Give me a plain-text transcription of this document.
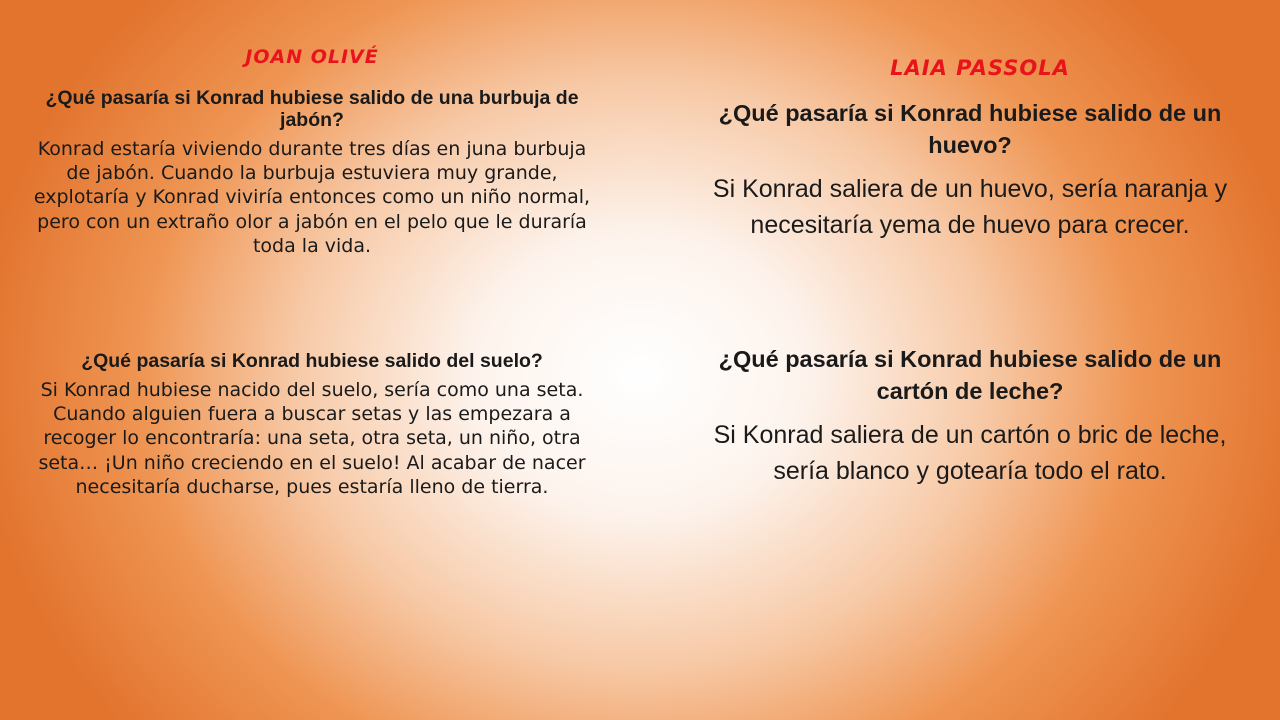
JOAN OLIVÉ

¿Qué pasaría si Konrad hubiese salido de una burbuja de jabón?

Konrad estaría viviendo durante tres días en juna burbuja de jabón. Cuando la burbuja estuviera muy grande, explotaría y Konrad viviría entonces como un niño normal, pero con un extraño olor a jabón en el pelo que le duraría toda la vida.

¿Qué pasaría si Konrad hubiese salido del suelo?

Si Konrad hubiese nacido del suelo, sería como una seta. Cuando alguien fuera a buscar setas y las empezara a recoger lo encontraría: una seta, otra seta, un niño, otra seta… ¡Un niño creciendo en el suelo! Al acabar de nacer necesitaría ducharse, pues estaría lleno de tierra.

LAIA PASSOLA

¿Qué pasaría si Konrad hubiese salido de un huevo?

Si Konrad saliera de un huevo, sería naranja y necesitaría yema de huevo para crecer.

¿Qué pasaría si Konrad hubiese salido de un cartón de leche?

Si Konrad saliera de un cartón o bric de leche, sería blanco y gotearía todo el rato.
